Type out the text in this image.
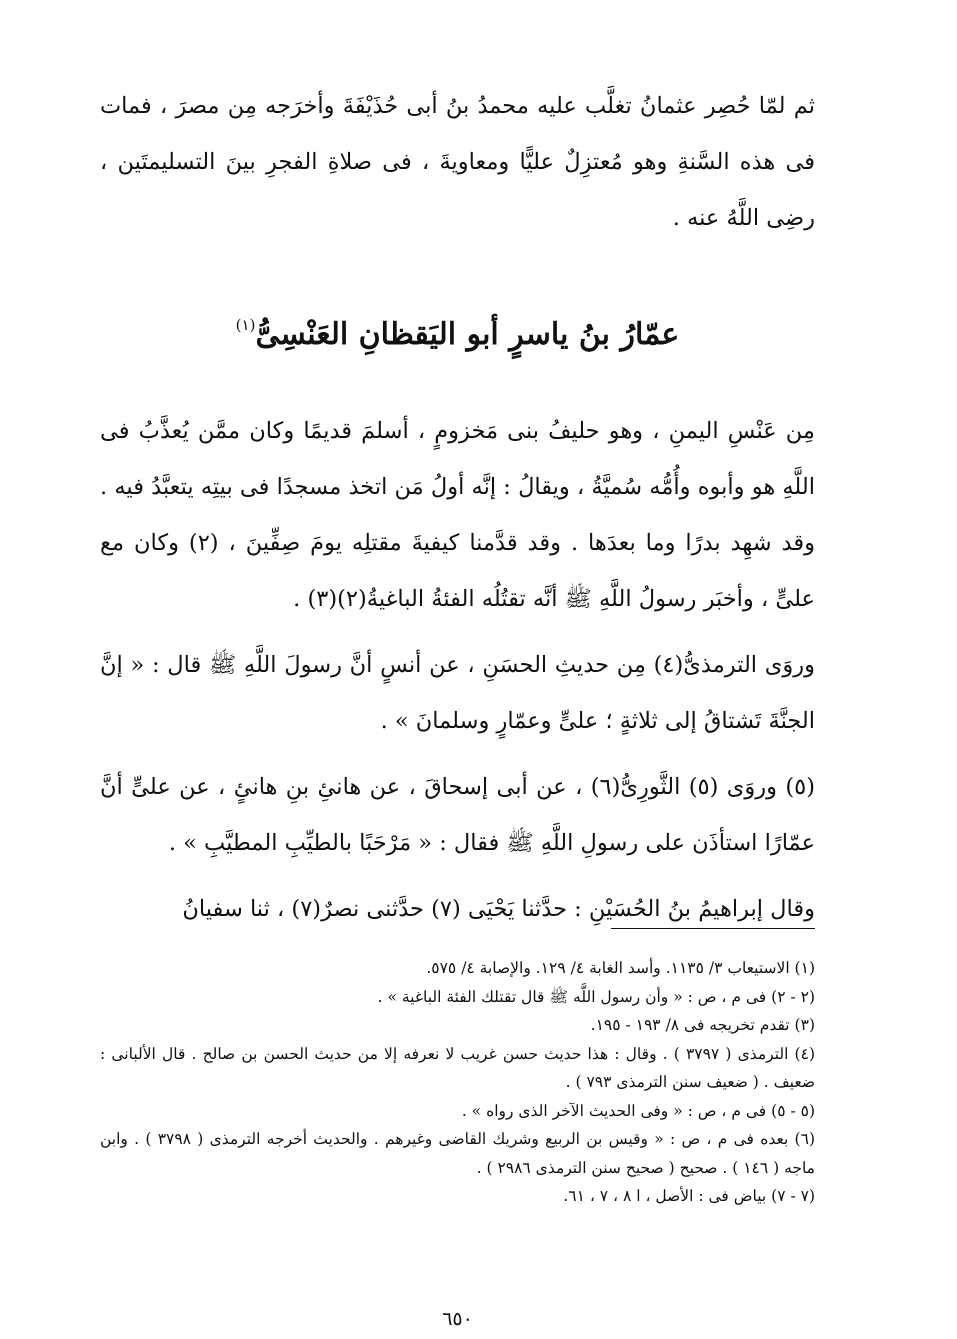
ثم لمّا حُصِر عثمانُ تغلَّب عليه محمدُ بنُ أبى حُذَيْفَةَ وأخرَجه مِن مصرَ ، فمات فى هذه السَّنةِ وهو مُعتزِلٌ عليًّا ومعاويةَ ، فى صلاةِ الفجرِ بينَ التسليمتَين ، رضِى اللَّهُ عنه .

عمّارُ بنُ ياسرٍ أبو اليَقظانِ العَنْسِىُّ$^{(١)}$

مِن عَنْسِ اليمنِ ، وهو حليفُ بنى مَخزومٍ ، أسلمَ قديمًا وكان ممَّن يُعذَّبُ فى اللَّهِ هو وأبوه وأُمُّه سُميَّةُ ، ويقالُ : إنَّه أولُ مَن اتخذ مسجدًا فى بيتِه يتعبَّدُ فيه . وقد شهِد بدرًا وما بعدَها . وقد قدَّمنا كيفيةَ مقتلِه يومَ صِفِّينَ ، (٢) وكان مع علىٍّ ، وأخبَر رسولُ اللَّهِ ﷺ أنَّه تقتُلُه الفئةُ الباغيةُ(٢)(٣) .

وروَى الترمذىُّ(٤) مِن حديثِ الحسَنِ ، عن أنسٍ أنَّ رسولَ اللَّهِ ﷺ قال : « إنَّ الجنَّةَ تَشتاقُ إلى ثلاثةٍ ؛ علىٍّ وعمّارٍ وسلمانَ » .

(٥) وروَى (٥) الثَّورِىُّ(٦) ، عن أبى إسحاقَ ، عن هانئِ بنِ هانئٍ ، عن علىٍّ أنَّ عمّارًا استأذَن على رسولِ اللَّهِ ﷺ فقال : « مَرْحَبًا بالطيِّبِ المطيَّبِ » .

وقال إبراهيمُ بنُ الحُسَيْنِ : حدَّثنا يَحْيَى (٧) حدَّثنى نصرٌ(٧) ، ثنا سفيانُ

(١) الاستيعاب ٣/ ١١٣٥. وأسد الغابة ٤/ ١٢٩. والإصابة ٤/ ٥٧٥.
(٢ - ٢) فى م ، ص : « وأن رسول اللَّه ﷺ قال تقتلك الفئة الباغية » .
(٣) تقدم تخريجه فى ٨/ ١٩٣ - ١٩٥.
(٤) الترمذى ( ٣٧٩٧ ) . وقال : هذا حديث حسن غريب لا نعرفه إلا من حديث الحسن بن صالح . قال الألبانى : ضعيف . ( ضعيف سنن الترمذى ٧٩٣ ) .
(٥ - ٥) فى م ، ص : « وفى الحديث الآخر الذى رواه » .
(٦) بعده فى م ، ص : « وقيس بن الربيع وشريك القاضى وغيرهم . والحديث أخرجه الترمذى ( ٣٧٩٨ ) . وابن ماجه ( ١٤٦ ) . صحيح ( صحيح سنن الترمذى ٢٩٨٦ ) .
(٧ - ٧) بياض فى : الأصل ، ا ٨ ، ٧ ، ٦١.
٦٥٠
